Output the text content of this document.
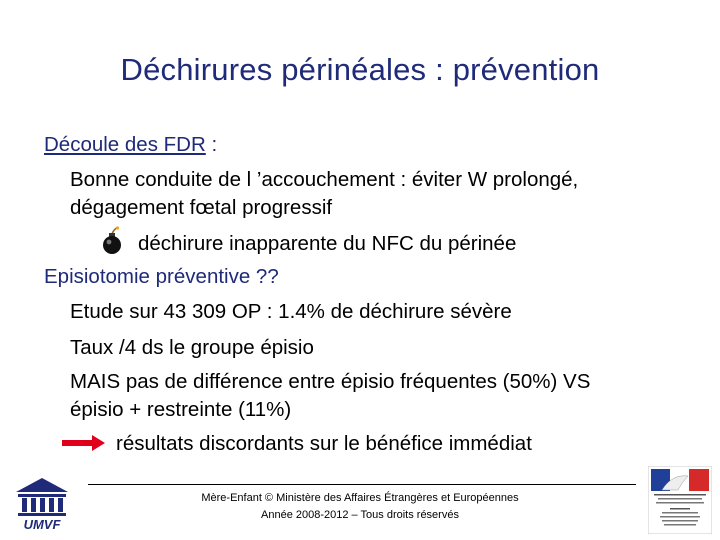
Déchirures périnéales : prévention
Découle des FDR :
Bonne conduite de l ’accouchement : éviter W prolongé,
dégagement fœtal progressif
déchirure inapparente du NFC du périnée
Episiotomie préventive ??
Etude sur 43 309 OP : 1.4% de déchirure sévère
Taux /4 ds le groupe épisio
MAIS pas de différence entre épisio fréquentes (50%) VS
épisio + restreinte (11%)
résultats discordants sur le bénéfice immédiat
UMVF
Mère-Enfant © Ministère des Affaires Étrangères et Européennes
Année 2008-2012 – Tous droits réservés
